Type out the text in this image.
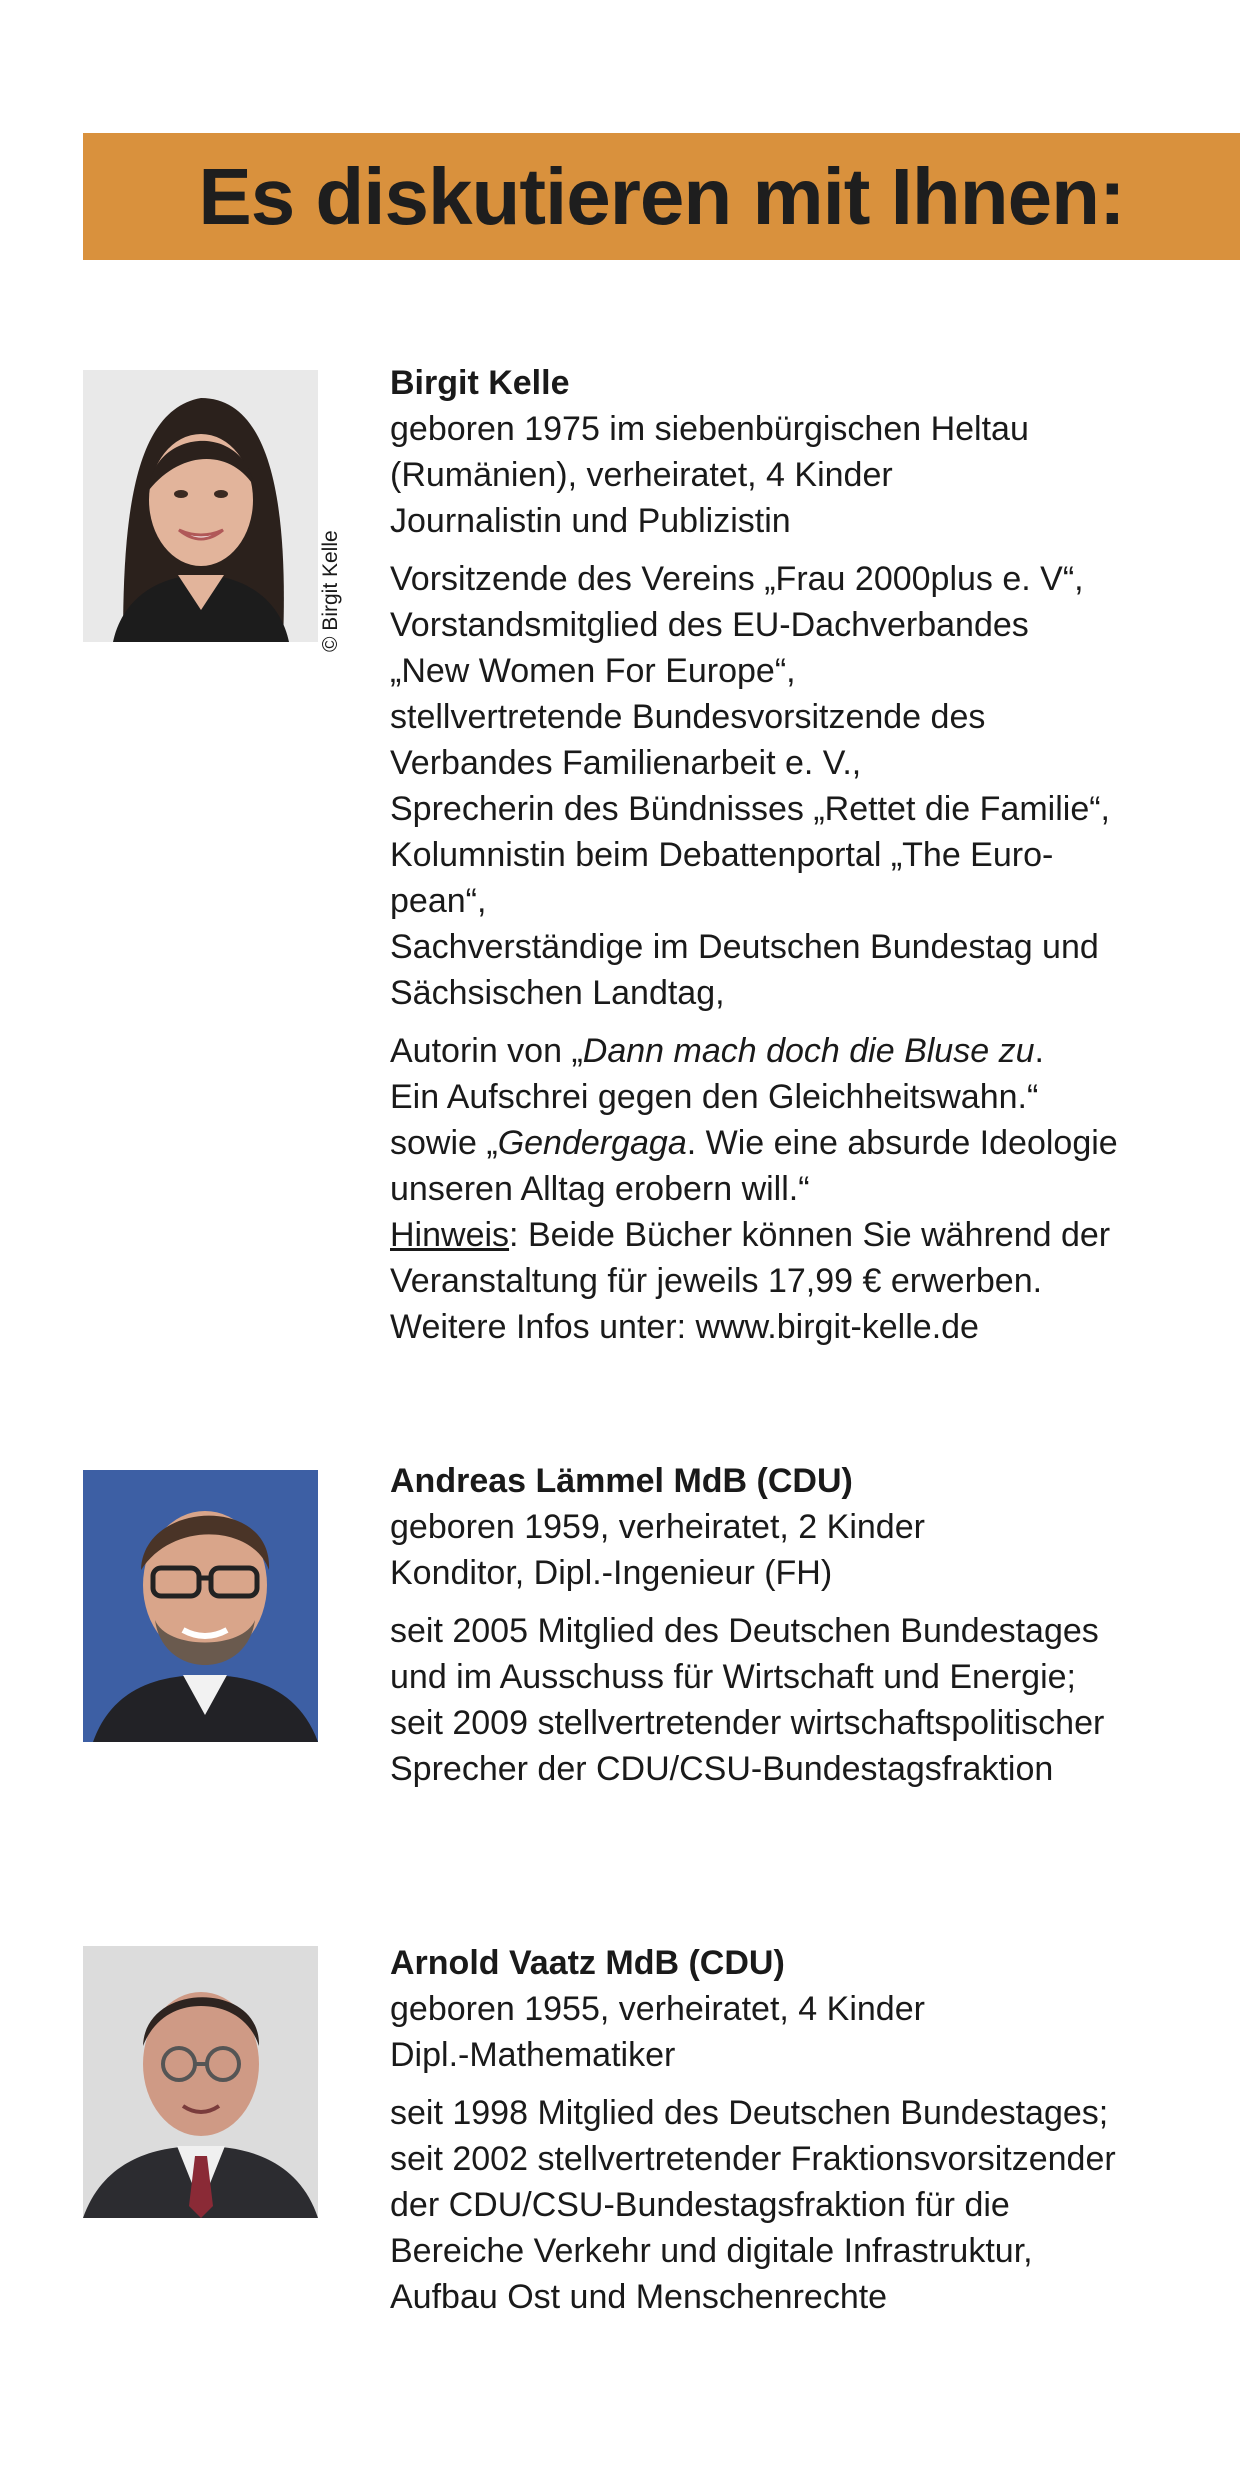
Es diskutieren mit Ihnen:
© Birgit Kelle

Birgit Kelle

geboren 1975 im siebenbürgischen Heltau

(Rumänien), verheiratet, 4 Kinder

Journalistin und Publizistin

Vorsitzende des Vereins „Frau 2000plus e. V“,

Vorstandsmitglied des EU-Dachverbandes

„New Women For Europe“,

stellvertretende Bundesvorsitzende des

Verbandes Familienarbeit e. V.,

Sprecherin des Bündnisses „Rettet die Familie“,

Kolumnistin beim Debattenportal „The Euro-

pean“,

Sachverständige im Deutschen Bundestag und

Sächsischen Landtag,

Autorin von „Dann mach doch die Bluse zu.

Ein Aufschrei gegen den Gleichheitswahn.“

sowie „Gendergaga. Wie eine absurde Ideologie

unseren Alltag erobern will.“

Hinweis: Beide Bücher können Sie während der

Veranstaltung für jeweils 17,99 € erwerben.

Weitere Infos unter: www.birgit-kelle.de

Andreas Lämmel MdB (CDU)

geboren 1959, verheiratet, 2 Kinder

Konditor, Dipl.-Ingenieur (FH)

seit 2005 Mitglied des Deutschen Bundestages

und im Ausschuss für Wirtschaft und Energie;

seit 2009 stellvertretender wirtschaftspolitischer

Sprecher der CDU/CSU-Bundestagsfraktion

Arnold Vaatz MdB (CDU)

geboren 1955, verheiratet, 4 Kinder

Dipl.-Mathematiker

seit 1998 Mitglied des Deutschen Bundestages;

seit 2002 stellvertretender Fraktionsvorsitzender

der CDU/CSU-Bundestagsfraktion für die

Bereiche Verkehr und digitale Infrastruktur,

Aufbau Ost und Menschenrechte
